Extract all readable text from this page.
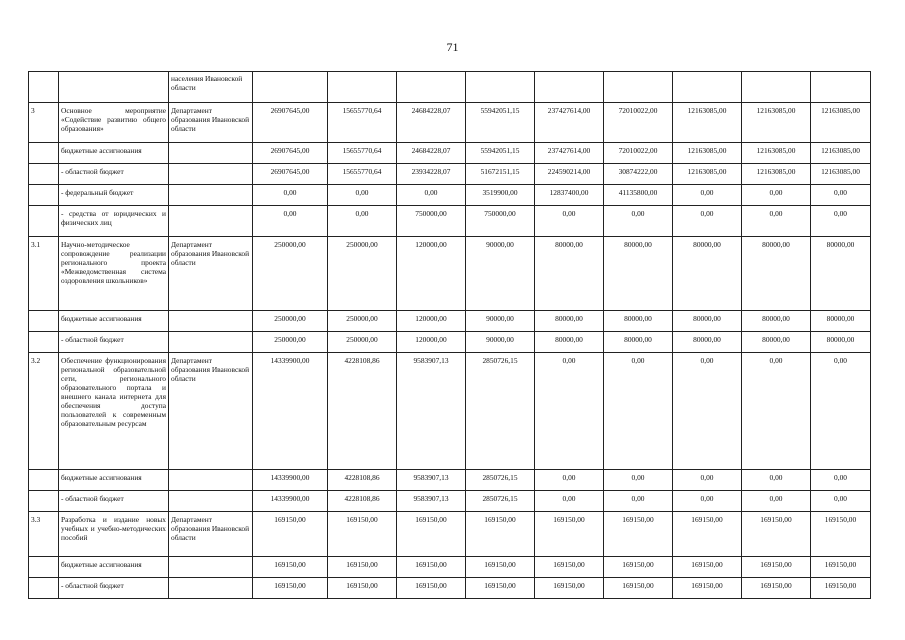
71
		населения Ивановской области									
3	Основное мероприятие «Содействие развитию общего образования»	Департамент образования Ивановской области	26907645,00	15655770,64	24684228,07	55942051,15	237427614,00	72010022,00	12163085,00	12163085,00	12163085,00
	бюджетные ассигнования		26907645,00	15655770,64	24684228,07	55942051,15	237427614,00	72010022,00	12163085,00	12163085,00	12163085,00
	- областной бюджет		26907645,00	15655770,64	23934228,07	51672151,15	224590214,00	30874222,00	12163085,00	12163085,00	12163085,00
	- федеральный бюджет		0,00	0,00	0,00	3519900,00	12837400,00	41135800,00	0,00	0,00	0,00
	- средства от юридических и физических лиц		0,00	0,00	750000,00	750000,00	0,00	0,00	0,00	0,00	0,00
3.1	Научно-методическое сопровождение реализации регионального проекта «Межведомственная система оздоровления школьников»	Департамент образования Ивановской области	250000,00	250000,00	120000,00	90000,00	80000,00	80000,00	80000,00	80000,00	80000,00
	бюджетные ассигнования		250000,00	250000,00	120000,00	90000,00	80000,00	80000,00	80000,00	80000,00	80000,00
	- областной бюджет		250000,00	250000,00	120000,00	90000,00	80000,00	80000,00	80000,00	80000,00	80000,00
3.2	Обеспечение функционирования региональной образовательной сети, регионального образовательного портала и внешнего канала интернета для обеспечения доступа пользователей к современным образовательным ресурсам	Департамент образования Ивановской области	14339900,00	4228108,86	9583907,13	2850726,15	0,00	0,00	0,00	0,00	0,00
	бюджетные ассигнования		14339900,00	4228108,86	9583907,13	2850726,15	0,00	0,00	0,00	0,00	0,00
	- областной бюджет		14339900,00	4228108,86	9583907,13	2850726,15	0,00	0,00	0,00	0,00	0,00
3.3	Разработка и издание новых учебных и учебно-методических пособий	Департамент образования Ивановской области	169150,00	169150,00	169150,00	169150,00	169150,00	169150,00	169150,00	169150,00	169150,00
	бюджетные ассигнования		169150,00	169150,00	169150,00	169150,00	169150,00	169150,00	169150,00	169150,00	169150,00
	- областной бюджет		169150,00	169150,00	169150,00	169150,00	169150,00	169150,00	169150,00	169150,00	169150,00
